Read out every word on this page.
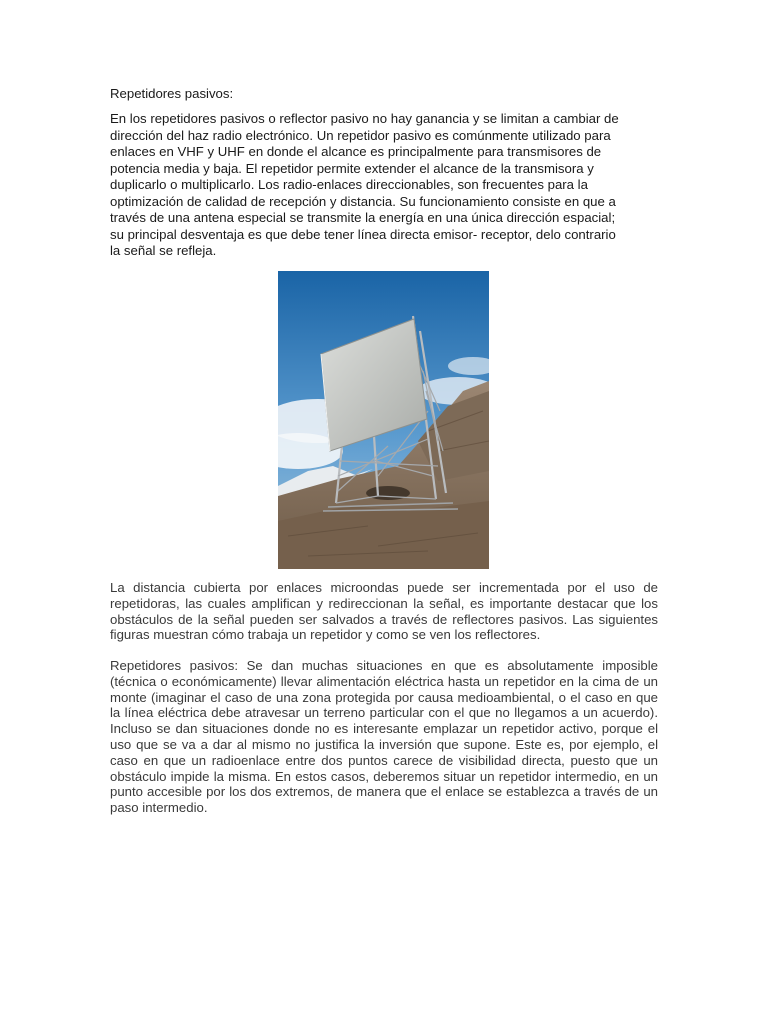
Repetidores pasivos:
En los repetidores pasivos o reflector pasivo no hay ganancia y se limitan a cambiar de
dirección del haz radio electrónico. Un repetidor pasivo es comúnmente utilizado para
enlaces en VHF y UHF en donde el alcance es principalmente para transmisores de
potencia media y baja. El repetidor permite extender el alcance de la transmisora y
duplicarlo o multiplicarlo. Los radio-enlaces direccionables, son frecuentes para la
optimización de calidad de recepción y distancia. Su funcionamiento consiste en que a
través de una antena especial se transmite la energía en una única dirección espacial;
su principal desventaja es que debe tener línea directa emisor- receptor, delo contrario
la señal se refleja.
La distancia cubierta por enlaces microondas puede ser incrementada por el uso de repetidoras, las cuales amplifican y redireccionan la señal, es importante destacar que los obstáculos de la señal pueden ser salvados a través de reflectores pasivos. Las siguientes figuras muestran cómo trabaja un repetidor y como se ven los reflectores.
Repetidores pasivos: Se dan muchas situaciones en que es absolutamente imposible (técnica o económicamente) llevar alimentación eléctrica hasta un repetidor en la cima de un monte (imaginar el caso de una zona protegida por causa medioambiental, o el caso en que la línea eléctrica debe atravesar un terreno particular con el que no llegamos a un acuerdo). Incluso se dan situaciones donde no es interesante emplazar un repetidor activo, porque el uso que se va a dar al mismo no justifica la inversión que supone. Este es, por ejemplo, el caso en que un radioenlace entre dos puntos carece de visibilidad directa, puesto que un obstáculo impide la misma. En estos casos, deberemos situar un repetidor intermedio, en un punto accesible por los dos extremos, de manera que el enlace se establezca a través de un paso intermedio.
